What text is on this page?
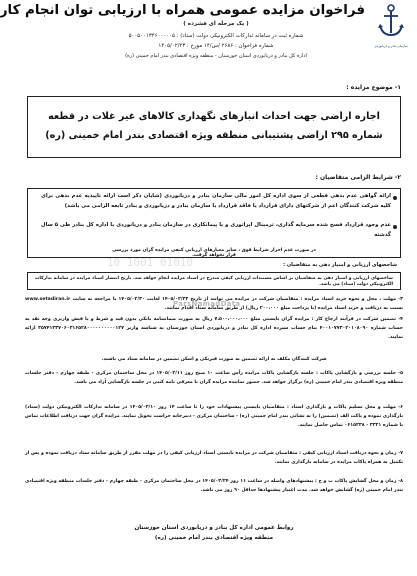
سازمان بنادر و دریانوردی
فراخوان مزایده عمومی همراه با ارزیابی توان انجام کار
( یک مرحله ای فشرده )
شماره ثبت در سامانه تدارکات الکترونیکی دولت (ستاد) : ۵۰۰۵۰۰۱۳۴۶۰۰۰۰۰۵
شماره فراخوان : ۲۶۸۶ /س/۱۴ مورخ : ۱۴۰۵/۰۲/۲۳
اداره کل بنادر و دریانوردی استان خوزستان - منطقه ویژه اقتصادی بندر امام خمینی (ره)
۱- موضوع مزایده :
اجاره اراضی جهت احداث انبارهای نگهداری کالاهای غیر غلات در قطعه شماره ۲۹۵ اراضی پشتیبانی منطقه ویژه اقتصادی بندر امام خمینی (ره)
۲- شرایط الزامی متقاضیان :
ارائه گواهی عدم بدهی قطعی از سوی اداره کل امور مالی سازمان بنادر و دریانوردی (شایان ذکر است ارائه تاییدیه عدم بدهی برای کلیه شرکت کنندگان اعم از شرکتهای دارای قرارداد یا فاقد قرارداد با سازمان بنادر و دریانوردی و بنادر تابعه الزامی می باشد)
عدم وجود قرارداد فسخ شده سرمایه گذاری، ترمینال اپراتوری و یا پیمانکاری در سازمان بنادر و دریانوردی یا اداره کل بنادر طی ۵ سال گذشته
در صورت عدم احراز شرایط فوق ، سایر معیارهای ارزیابی کیفی مزایده گران مورد بررسی قرار نخواهد گرفت.
شاخصهای ارزیابی و امتیاز دهی به متقاضیان :
شاخصهای ارزیابی و امتیاز دهی به متقاضیان بر اساس مستندات ارزیابی کیفی مندرج در اسناد مزایده انجام خواهد شد. تاریخ انتشار اسناد مزایده در سامانه تدارکات الکترونیکی دولت (ستاد) می باشد.
01010 1001 10
ParsNamadData
۳- مهلت ، محل و نحوه خرید اسناد مزایده : متقاضیان شرکت در مزایده می توانند از تاریخ ۱۴۰۵/۰۲/۲۳ لغایت ۱۴۰۵/۰۲/۳۰ با مراجعه به سایت www.setadiran.ir نسبت به دریافت و خرید اسناد مزایده (با پرداخت مبلغ ۲۰۰،۰۰۰ ریال) از طریق سامانه ستاد اقدام نمایند.
۴- تضمین شرکت در فرآیند ارجاع کار : مزایده گران بایستی مبلغ ۷،۵۰۰،۰۰۰،۰۰۰ ریال به صورت ضمانتنامه بانکی بدون قید و شرط و یا فیش واریزی وجه نقد به حساب شماره ۴۰۰۱۰۷۷۳۰۲۰۱۰۸۰۹۰ بنام حساب سپرده اداره کل بنادر و دریانوردی استان خوزستان به شناسه واریز ۳۵۷۴۱۳۳۷۰۶۰۳۱۶۵۲۸۰۰۰۰۰۰۰۰۰۰۱۲۷ ارائه نمایند.
شرکت کنندگان مکلف به ارائه تضمین به صورت فیزیکی و اسکن تضمین در سامانه ستاد می باشند.
۵- جلسه بررسی و بازگشایی پاکات : جلسه بازگشایی پاکات مزایده رأس ساعت ۱۰ صبح روز ۱۴۰۵/۰۳/۱۱ در محل ساختمان مرکزی - طبقه چهارم - دفتر جلسات منطقه ویژه اقتصادی بندر امام خمینی (ره) برگزار خواهد شد. حضور نماینده مزایده گران با معرفی نامه کتبی در جلسه بازگشایی آزاد می باشد.
۶- مهلت و محل تسلیم پاکات و بارگذاری اسناد : متقاضیان بایستی پیشنهادات خود را تا ساعت ۱۴ روز ۱۴۰۵/۰۳/۱۰ در سامانه تدارکات الکترونیکی دولت (ستاد) بارگذاری نموده و پاکت الف (تضمین) را به نشانی بندر امام خمینی (ره) - ساختمان مرکزی - دبیرخانه حراست تحویل نمایند. مزایده گران جهت دریافت اطلاعات تماس با شماره ۳۳۲۱ - ۰۶۱۵۲۳۸ تماس حاصل نمایند.
۷- زمان و نحوه دریافت اسناد ارزیابی کیفی : متقاضیان شرکت در مزایده بایستی اسناد ارزیابی کیفی را در مهلت مقرر از طریق سامانه ستاد دریافت نموده و پس از تکمیل به همراه پاکات مزایده در سامانه بارگذاری نمایند.
۸- زمان و محل گشایش پاکات ب و ج : پیشنهادهای واصله در ساعت ۱۱ روز ۱۴۰۵/۰۳/۲۴ در محل ساختمان مرکزی - طبقه چهارم - دفتر جلسات منطقه ویژه اقتصادی بندر امام خمینی (ره) گشایش خواهد شد. مدت اعتبار پیشنهادها حداقل ۹۰ روز می باشد.
روابط عمومی اداره کل بنادر و دریانوردی استان خوزستان
منطقه ویژه اقتصادی بندر امام خمینی (ره)
